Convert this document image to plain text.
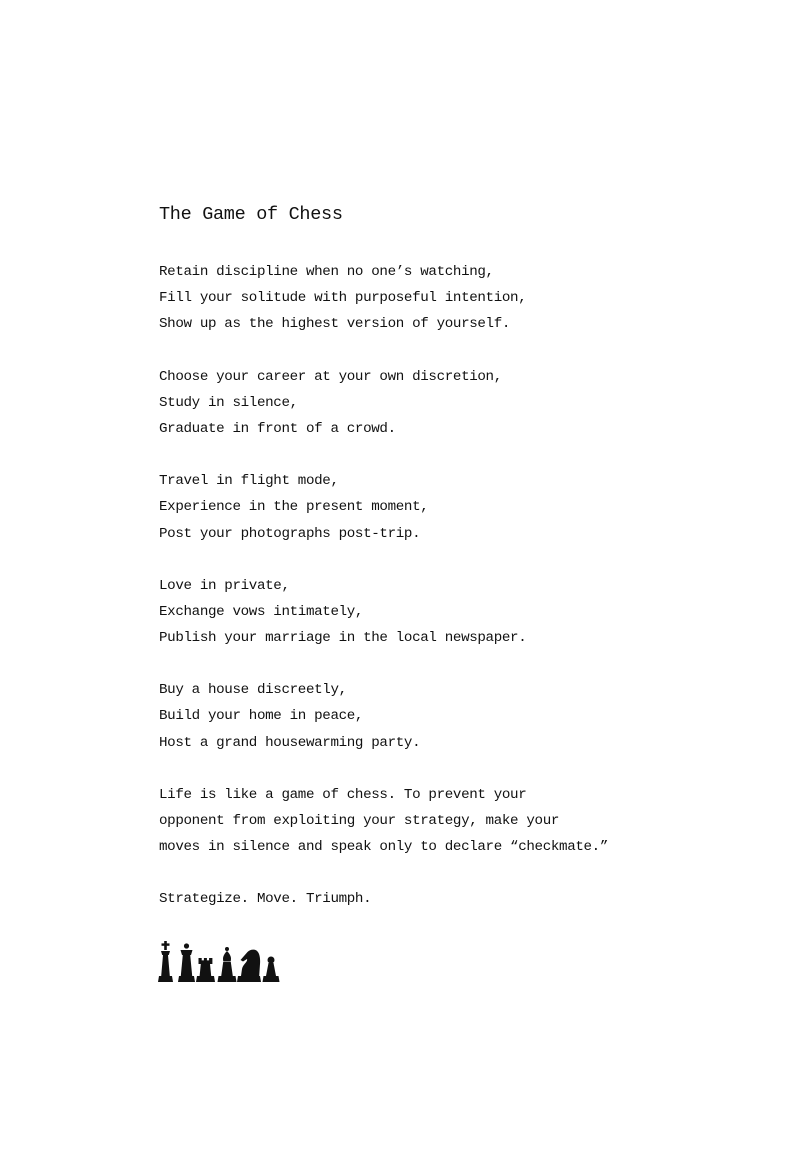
The Game of Chess
Retain discipline when no one’s watching,
Fill your solitude with purposeful intention,
Show up as the highest version of yourself.
Choose your career at your own discretion,
Study in silence,
Graduate in front of a crowd.
Travel in flight mode,
Experience in the present moment,
Post your photographs post-trip.
Love in private,
Exchange vows intimately,
Publish your marriage in the local newspaper.
Buy a house discreetly,
Build your home in peace,
Host a grand housewarming party.
Life is like a game of chess. To prevent your
opponent from exploiting your strategy, make your
moves in silence and speak only to declare “checkmate.”
Strategize. Move. Triumph.
